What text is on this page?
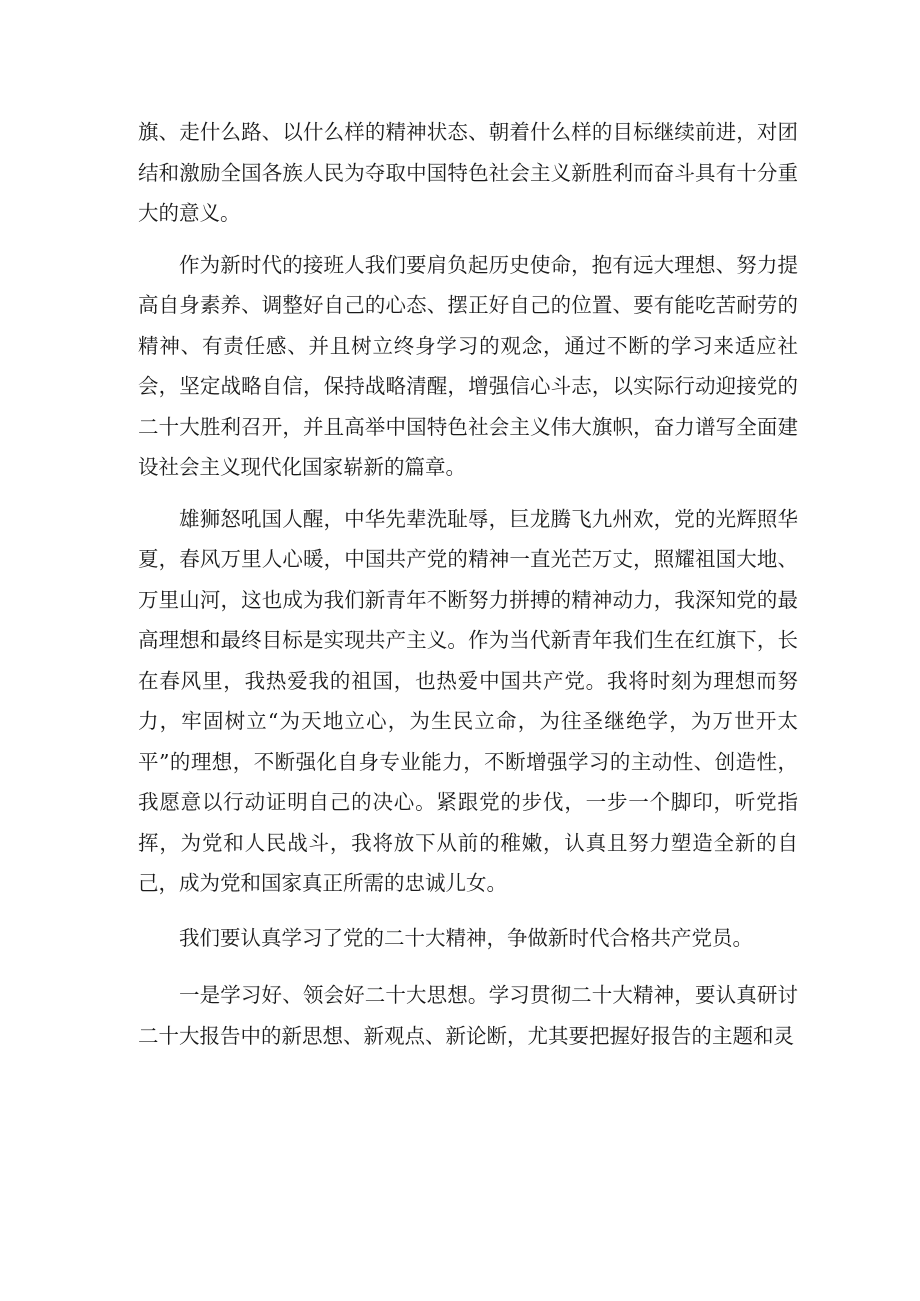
旗、走什么路、以什么样的精神状态、朝着什么样的目标继续前进，对团结和激励全国各族人民为夺取中国特色社会主义新胜利而奋斗具有十分重大的意义。

作为新时代的接班人我们要肩负起历史使命，抱有远大理想、努力提高自身素养、调整好自己的心态、摆正好自己的位置、要有能吃苦耐劳的精神、有责任感、并且树立终身学习的观念，通过不断的学习来适应社会，坚定战略自信，保持战略清醒，增强信心斗志，以实际行动迎接党的二十大胜利召开，并且高举中国特色社会主义伟大旗帜，奋力谱写全面建设社会主义现代化国家崭新的篇章。

雄狮怒吼国人醒，中华先辈洗耻辱，巨龙腾飞九州欢，党的光辉照华夏，春风万里人心暖，中国共产党的精神一直光芒万丈，照耀祖国大地、万里山河，这也成为我们新青年不断努力拼搏的精神动力，我深知党的最高理想和最终目标是实现共产主义。作为当代新青年我们生在红旗下，长在春风里，我热爱我的祖国，也热爱中国共产党。我将时刻为理想而努力，牢固树立“为天地立心，为生民立命，为往圣继绝学，为万世开太平”的理想，不断强化自身专业能力，不断增强学习的主动性、创造性，我愿意以行动证明自己的决心。紧跟党的步伐，一步一个脚印，听党指挥，为党和人民战斗，我将放下从前的稚嫩，认真且努力塑造全新的自己，成为党和国家真正所需的忠诚儿女。

我们要认真学习了党的二十大精神，争做新时代合格共产党员。

一是学习好、领会好二十大思想。学习贯彻二十大精神，要认真研讨二十大报告中的新思想、新观点、新论断，尤其要把握好报告的主题和灵
